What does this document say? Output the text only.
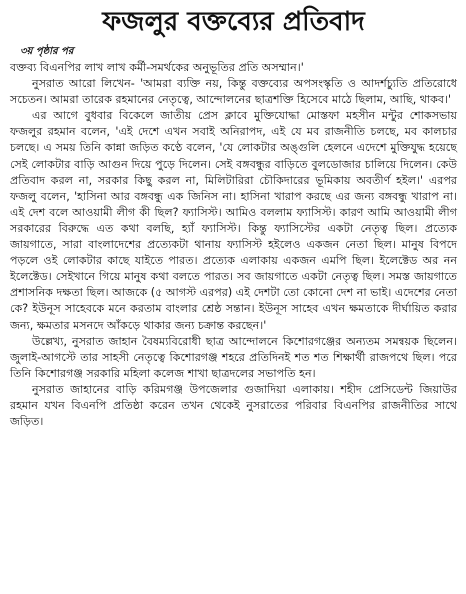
ফজলুর বক্তব্যের প্রতিবাদ
৩য় পৃষ্ঠার পর

বক্তব্য বিএনপির লাখ লাখ কর্মী-সমর্থকের অনুভূতির প্রতি অসম্মান।'

নুসরাত আরো লিখেন- 'আমরা ব্যক্তি নয়, কিন্তু বক্তব্যের অপসংস্কৃতি ও আদর্শচ্যুতি প্রতিরোধে সচেতন। আমরা তারেক রহমানের নেতৃত্বে, আন্দোলনের ছাত্রশক্তি হিসেবে মাঠে ছিলাম, আছি, থাকব।'

এর আগে বুধবার বিকেলে জাতীয় প্রেস ক্লাবে মুক্তিযোদ্ধা মোস্তফা মহসীন মন্টুর শোকসভায় ফজলুর রহমান বলেন, 'এই দেশে এখন সবাই অনিরাপদ, এই যে মব রাজনীতি চলছে, মব কালচার চলছে। এ সময় তিনি কান্না জড়িত কণ্ঠে বলেন, 'যে লোকটার অঙ্গুলি হেলনে এদেশে মুক্তিযুদ্ধ হয়েছে সেই লোকটার বাড়ি আগুন দিয়ে পুড়ে দিলেন। সেই বঙ্গবন্ধুর বাড়িতে বুলডোজার চালিয়ে দিলেন। কেউ প্রতিবাদ করল না, সরকার কিছু করল না, মিলিটারিরা চৌকিদারের ভূমিকায় অবতীর্ণ হইল।' এরপর ফজলু বলেন, 'হাসিনা আর বঙ্গবন্ধু এক জিনিস না। হাসিনা খারাপ করছে এর জন্য বঙ্গবন্ধু খারাপ না। এই দেশ বলে আওয়ামী লীগ কী ছিল? ফ্যাসিস্ট। আমিও বললাম ফ্যাসিস্ট। কারণ আমি আওয়ামী লীগ সরকারের বিরুদ্ধে এত কথা বলছি, হ্যাঁ ফ্যাসিস্ট। কিন্তু ফ্যাসিস্টের একটা নেতৃত্ব ছিল। প্রত্যেক জায়গাতে, সারা বাংলাদেশের প্রত্যেকটা থানায় ফ্যাসিস্ট হইলেও একজন নেতা ছিল। মানুষ বিপদে পড়লে ওই লোকটার কাছে যাইতে পারত। প্রত্যেক এলাকায় একজন এমপি ছিল। ইলেক্টেড অর নন ইলেক্টেড। সেইখানে গিয়ে মানুষ কথা বলতে পারত। সব জায়গাতে একটা নেতৃত্ব ছিল। সমস্ত জায়গাতে প্রশাসনিক দক্ষতা ছিল। আজকে (৫ আগস্ট এরপর) এই দেশটা তো কোনো দেশ না ভাই। এদেশের নেতা কে? ইউনূস সাহেবকে মনে করতাম বাংলার শ্রেষ্ঠ সন্তান। ইউনূস সাহেব এখন ক্ষমতাকে দীর্ঘায়িত করার জন্য, ক্ষমতার মসনদে আঁকড়ে থাকার জন্য চক্রান্ত করছেন।'

উল্লেখ্য, নুসরাত জাহান বৈষম্যবিরোধী ছাত্র আন্দোলনে কিশোরগঞ্জের অন্যতম সমন্বয়ক ছিলেন। জুলাই-আগস্টে তার সাহসী নেতৃত্বে কিশোরগঞ্জ শহরে প্রতিদিনই শত শত শিক্ষার্থী রাজপথে ছিল। পরে তিনি কিশোরগঞ্জ সরকারি মহিলা কলেজ শাখা ছাত্রদলের সভাপতি হন।

নুসরাত জাহানের বাড়ি করিমগঞ্জ উপজেলার গুজাদিয়া এলাকায়। শহীদ প্রেসিডেন্ট জিয়াউর রহমান যখন বিএনপি প্রতিষ্ঠা করেন তখন থেকেই নুসরাতের পরিবার বিএনপির রাজনীতির সাথে জড়িত।
